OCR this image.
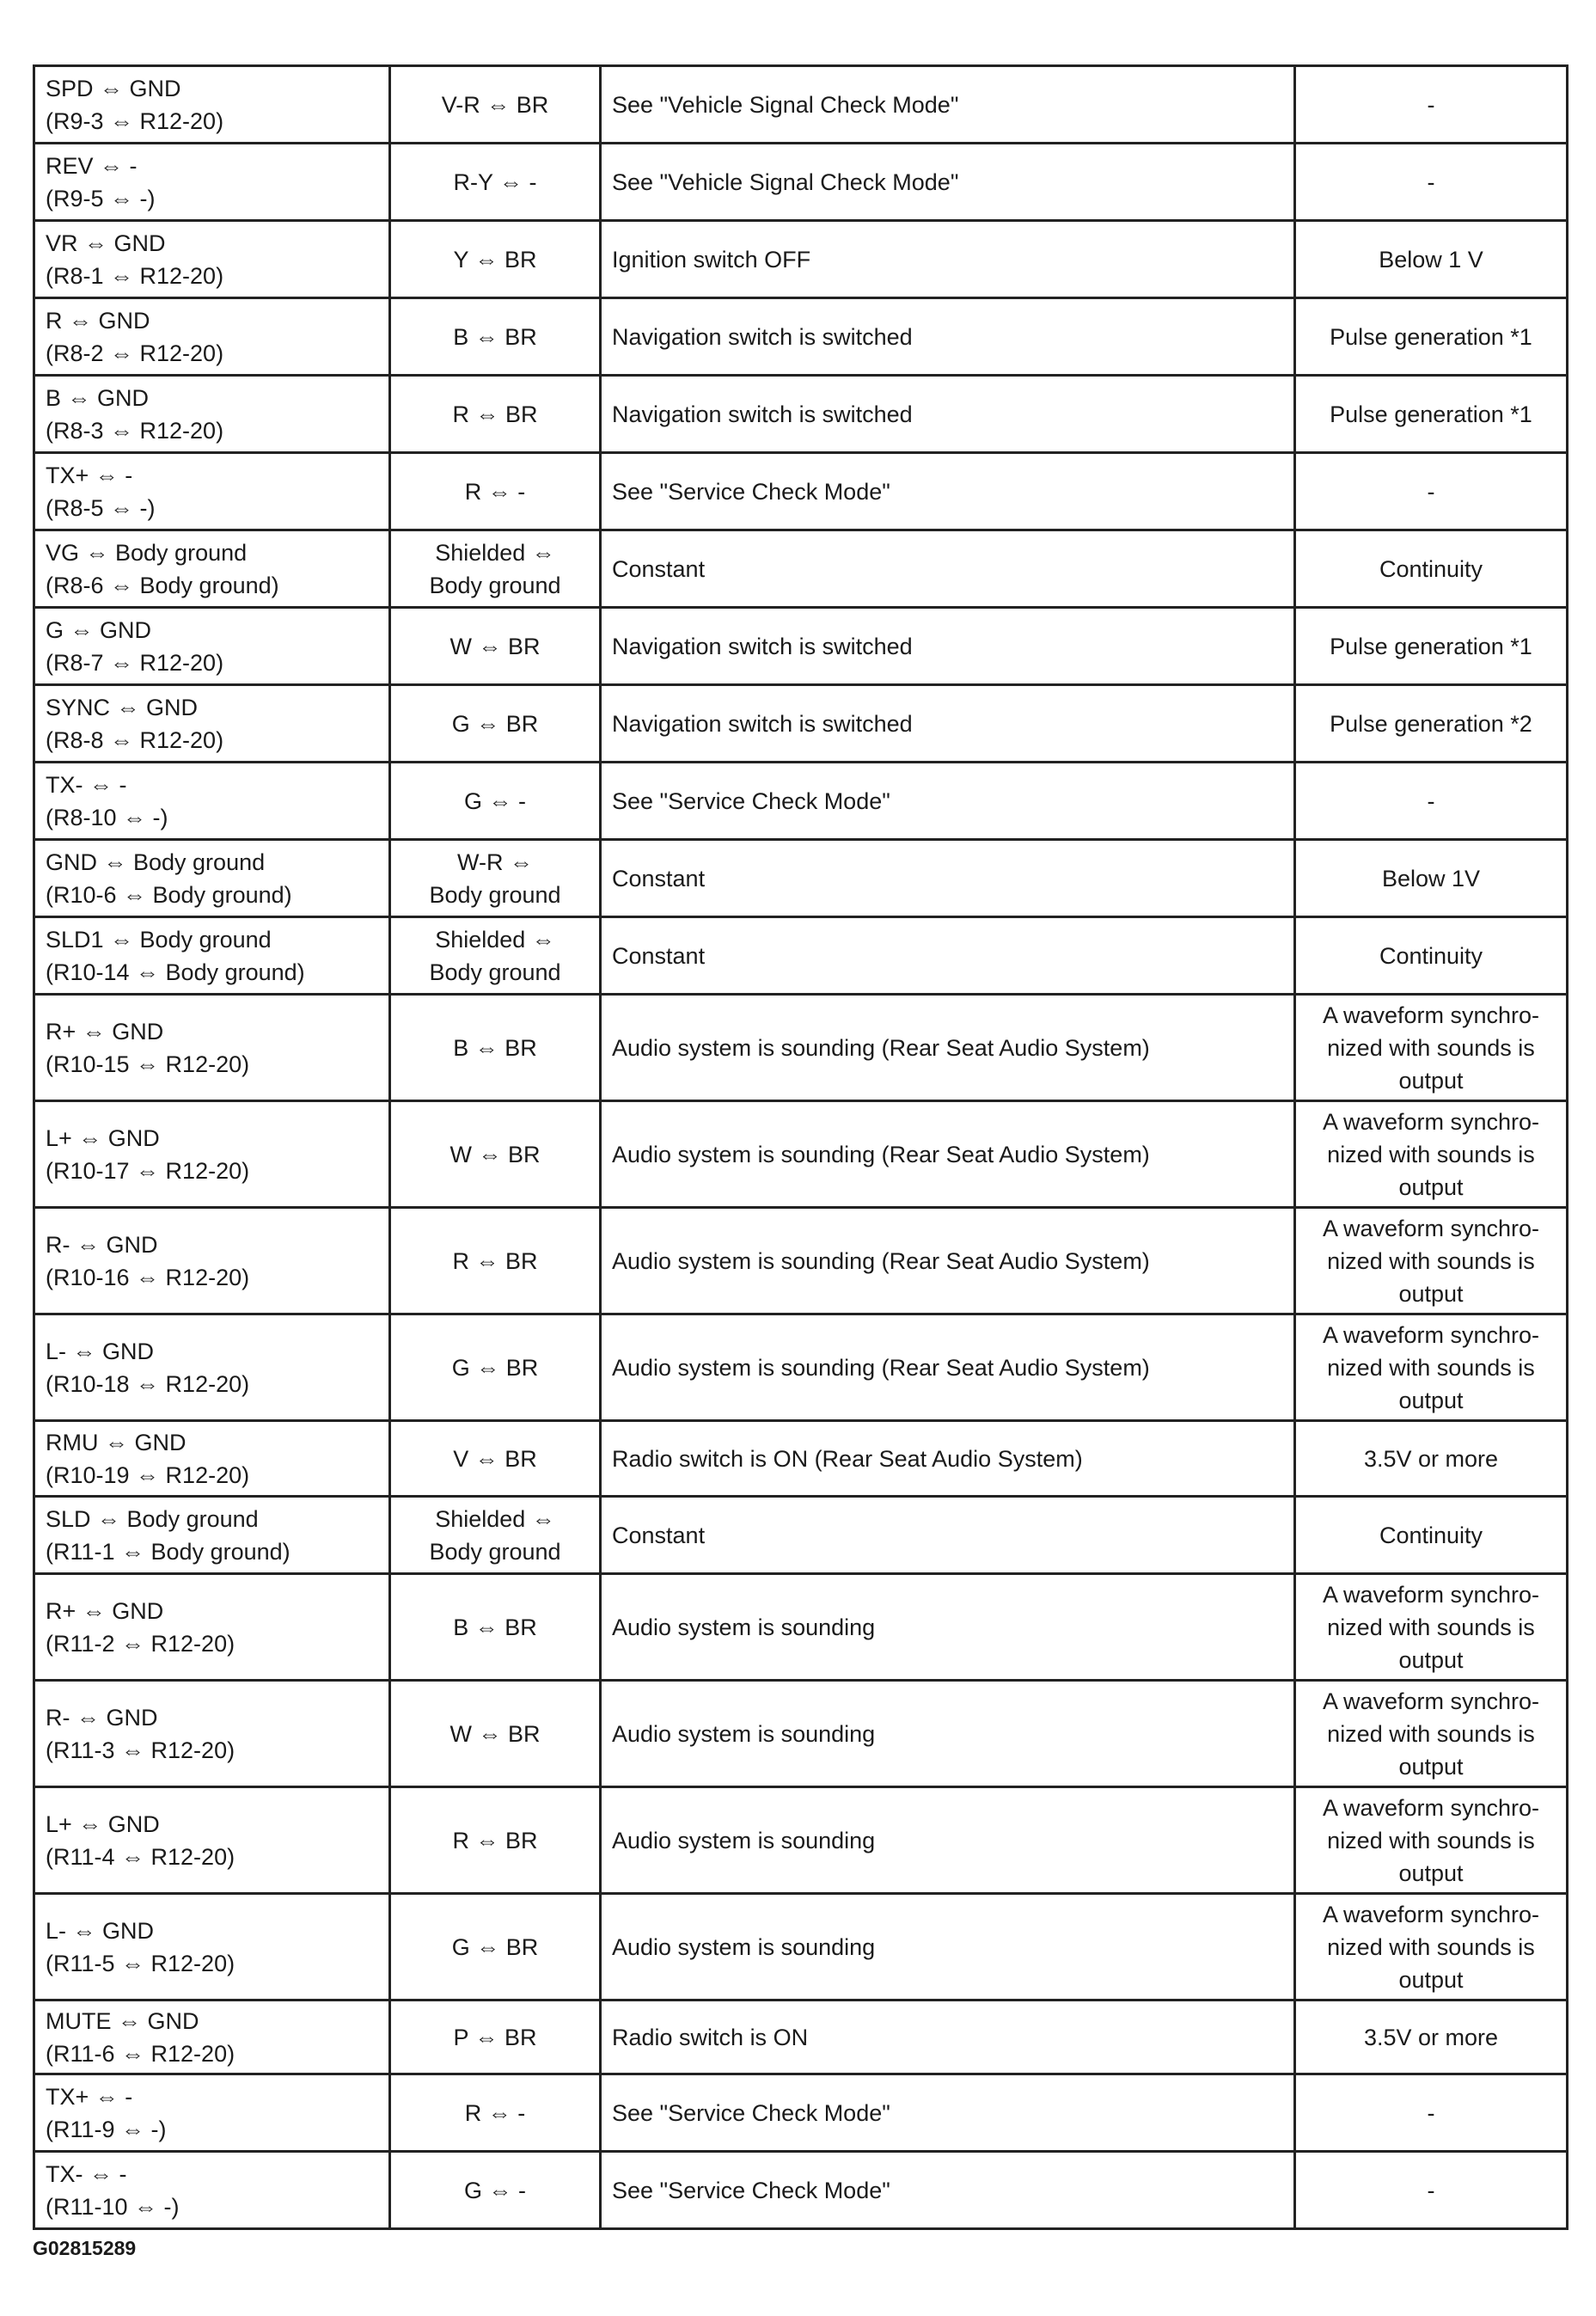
SPD ⇔ GND
(R9-3 ⇔ R12-20)	V-R ⇔ BR	See "Vehicle Signal Check Mode"	-

REV ⇔ -
(R9-5 ⇔ -)	R-Y ⇔ -	See "Vehicle Signal Check Mode"	-

VR ⇔ GND
(R8-1 ⇔ R12-20)	Y ⇔ BR	Ignition switch OFF	Below 1 V

R ⇔ GND
(R8-2 ⇔ R12-20)	B ⇔ BR	Navigation switch is switched	Pulse generation *1

B ⇔ GND
(R8-3 ⇔ R12-20)	R ⇔ BR	Navigation switch is switched	Pulse generation *1

TX+ ⇔ -
(R8-5 ⇔ -)	R ⇔ -	See "Service Check Mode"	-

VG ⇔ Body ground
(R8-6 ⇔ Body ground)	Shielded ⇔
Body ground	Constant	Continuity

G ⇔ GND
(R8-7 ⇔ R12-20)	W ⇔ BR	Navigation switch is switched	Pulse generation *1

SYNC ⇔ GND
(R8-8 ⇔ R12-20)	G ⇔ BR	Navigation switch is switched	Pulse generation *2

TX- ⇔ -
(R8-10 ⇔ -)	G ⇔ -	See "Service Check Mode"	-

GND ⇔ Body ground
(R10-6 ⇔ Body ground)	W-R ⇔
Body ground	Constant	Below 1V

SLD1 ⇔ Body ground
(R10-14 ⇔ Body ground)	Shielded ⇔
Body ground	Constant	Continuity

R+ ⇔ GND
(R10-15 ⇔ R12-20)	B ⇔ BR	Audio system is sounding (Rear Seat Audio System)	A waveform synchro-
nized with sounds is
output

L+ ⇔ GND
(R10-17 ⇔ R12-20)	W ⇔ BR	Audio system is sounding (Rear Seat Audio System)	A waveform synchro-
nized with sounds is
output

R- ⇔ GND
(R10-16 ⇔ R12-20)	R ⇔ BR	Audio system is sounding (Rear Seat Audio System)	A waveform synchro-
nized with sounds is
output

L- ⇔ GND
(R10-18 ⇔ R12-20)	G ⇔ BR	Audio system is sounding (Rear Seat Audio System)	A waveform synchro-
nized with sounds is
output

RMU ⇔ GND
(R10-19 ⇔ R12-20)	V ⇔ BR	Radio switch is ON (Rear Seat Audio System)	3.5V or more

SLD ⇔ Body ground
(R11-1 ⇔ Body ground)	Shielded ⇔
Body ground	Constant	Continuity

R+ ⇔ GND
(R11-2 ⇔ R12-20)	B ⇔ BR	Audio system is sounding	A waveform synchro-
nized with sounds is
output

R- ⇔ GND
(R11-3 ⇔ R12-20)	W ⇔ BR	Audio system is sounding	A waveform synchro-
nized with sounds is
output

L+ ⇔ GND
(R11-4 ⇔ R12-20)	R ⇔ BR	Audio system is sounding	A waveform synchro-
nized with sounds is
output

L- ⇔ GND
(R11-5 ⇔ R12-20)	G ⇔ BR	Audio system is sounding	A waveform synchro-
nized with sounds is
output

MUTE ⇔ GND
(R11-6 ⇔ R12-20)	P ⇔ BR	Radio switch is ON	3.5V or more

TX+ ⇔ -
(R11-9 ⇔ -)	R ⇔ -	See "Service Check Mode"	-

TX- ⇔ -
(R11-10 ⇔ -)	G ⇔ -	See "Service Check Mode"	-
G02815289
